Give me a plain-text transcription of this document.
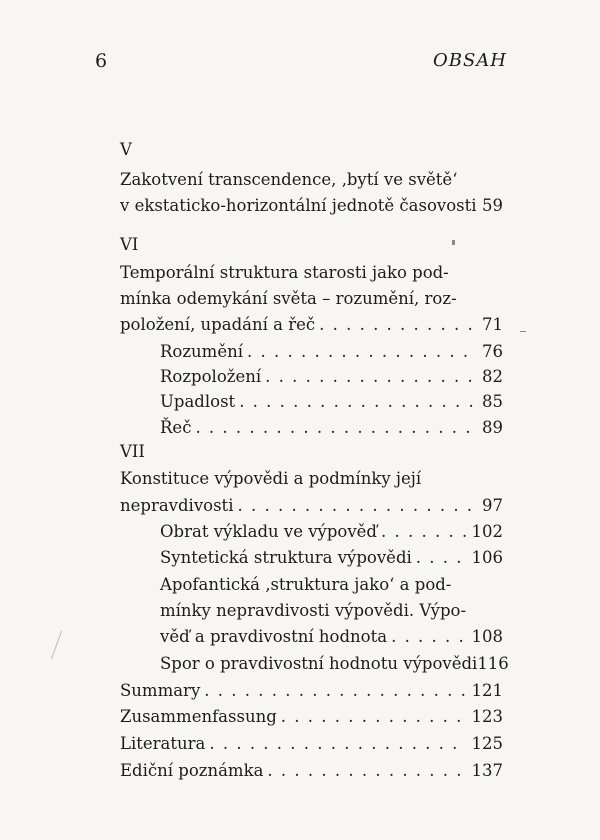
6	OBSAH
V
Zakotvení transcendence, ‚bytí ve světě‘
v ekstaticko-horizontální jednotě časovosti 59
VI
Temporální struktura starosti jako pod-
mínka odemykání světa – rozumění, roz-
položení, upadání a řeč . . .	71
Rozumění . . .	76
Rozpoložení . . .	82
Upadlost . . .	85
Řeč . . .	89
VII
Konstituce výpovědi a podmínky její
nepravdivosti . . .	97
Obrat výkladu ve výpověď . . .	102
Syntetická struktura výpovědi . . .	106
Apofantická ‚struktura jako‘ a pod-
mínky nepravdivosti výpovědi. Výpo-
věď a pravdivostní hodnota . . .	108
Spor o pravdivostní hodnotu výpovědi 116
Summary . . .	121
Zusammenfassung . . .	123
Literatura . . .	125
Ediční poznámka . . .	137
